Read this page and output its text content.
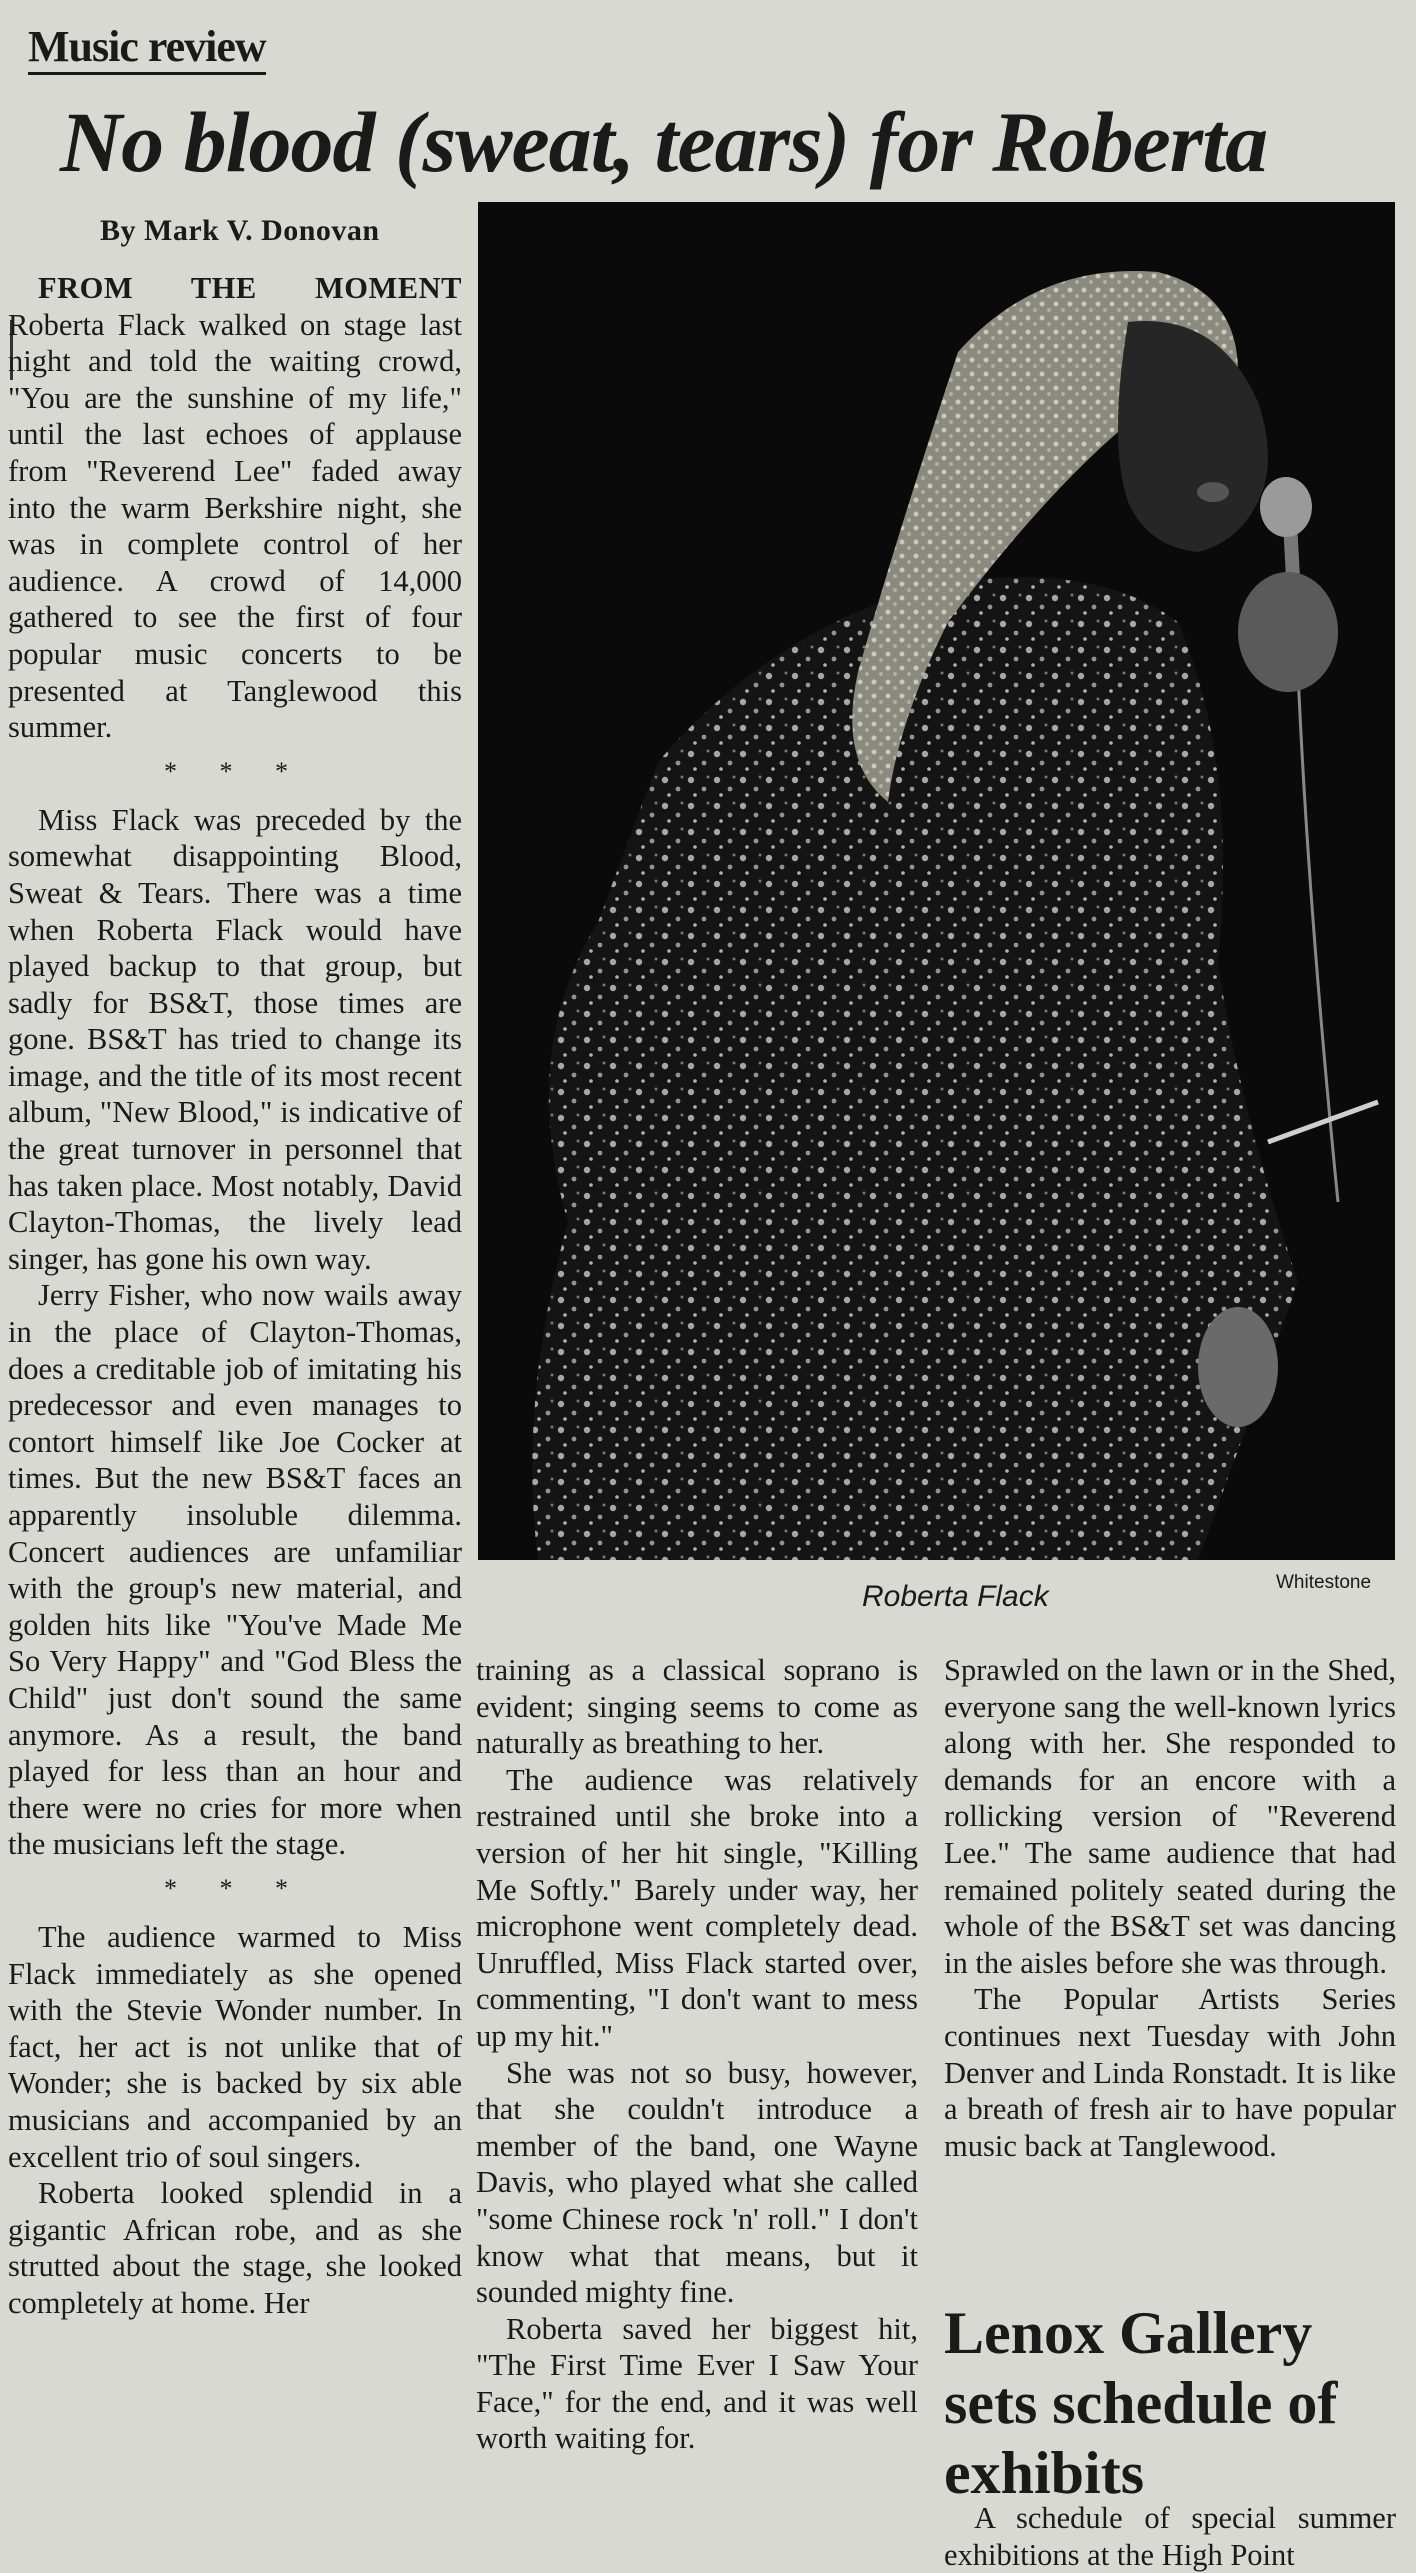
Music review
No blood (sweat, tears) for Roberta
By Mark V. Donovan

FROM THE MOMENT Roberta Flack walked on stage last night and told the waiting crowd, "You are the sunshine of my life," until the last echoes of applause from "Reverend Lee" faded away into the warm Berkshire night, she was in complete control of her audience. A crowd of 14,000 gathered to see the first of four popular music concerts to be presented at Tanglewood this summer.

* * *

Miss Flack was preceded by the somewhat disappointing Blood, Sweat & Tears. There was a time when Roberta Flack would have played backup to that group, but sadly for BS&T, those times are gone. BS&T has tried to change its image, and the title of its most recent album, "New Blood," is indicative of the great turnover in personnel that has taken place. Most notably, David Clayton-Thomas, the lively lead singer, has gone his own way.

Jerry Fisher, who now wails away in the place of Clayton-Thomas, does a creditable job of imitating his predecessor and even manages to contort himself like Joe Cocker at times. But the new BS&T faces an apparently insoluble dilemma. Concert audiences are unfamiliar with the group's new material, and golden hits like "You've Made Me So Very Happy" and "God Bless the Child" just don't sound the same anymore. As a result, the band played for less than an hour and there were no cries for more when the musicians left the stage.

* * *

The audience warmed to Miss Flack immediately as she opened with the Stevie Wonder number. In fact, her act is not unlike that of Wonder; she is backed by six able musicians and accompanied by an excellent trio of soul singers.

Roberta looked splendid in a gigantic African robe, and as she strutted about the stage, she looked completely at home. Her

Roberta Flack	Whitestone

training as a classical soprano is evident; singing seems to come as naturally as breathing to her.

The audience was relatively restrained until she broke into a version of her hit single, "Killing Me Softly." Barely under way, her microphone went completely dead. Unruffled, Miss Flack started over, commenting, "I don't want to mess up my hit."

She was not so busy, however, that she couldn't introduce a member of the band, one Wayne Davis, who played what she called "some Chinese rock 'n' roll." I don't know what that means, but it sounded mighty fine.

Roberta saved her biggest hit, "The First Time Ever I Saw Your Face," for the end, and it was well worth waiting for.

Sprawled on the lawn or in the Shed, everyone sang the well-known lyrics along with her. She responded to demands for an encore with a rollicking version of "Reverend Lee." The same audience that had remained politely seated during the whole of the BS&T set was dancing in the aisles before she was through.

The Popular Artists Series continues next Tuesday with John Denver and Linda Ronstadt. It is like a breath of fresh air to have popular music back at Tanglewood.

Lenox Gallery sets schedule of exhibits

A schedule of special summer exhibitions at the High Point
